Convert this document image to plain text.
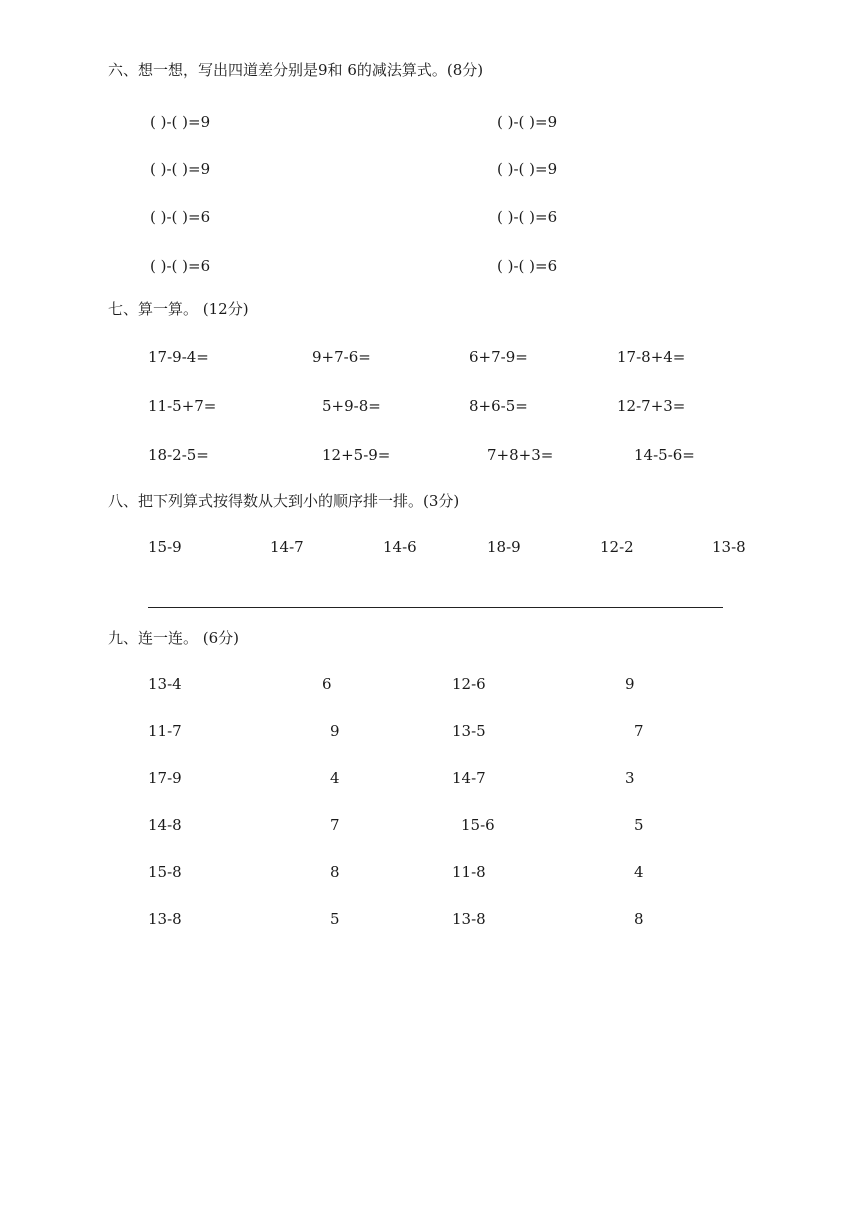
六、想一想，写出四道差分别是9和 6的减法算式。(8分)
( )-( )=9	( )-( )=9
( )-( )=9	( )-( )=9
( )-( )=6	( )-( )=6
( )-( )=6	( )-( )=6
七、算一算。 (12分)
17-9-4=	9+7-6=	6+7-9=	17-8+4=
11-5+7=	5+9-8=	8+6-5=	12-7+3=
18-2-5=	12+5-9=	7+8+3=	14-5-6=
八、把下列算式按得数从大到小的顺序排一排。(3分)
15-9	14-7	14-6	18-9	12-2	13-8
九、连一连。 (6分)
13-4	6	12-6	9
11-7	9	13-5	7
17-9	4	14-7	3
14-8	7	15-6	5
15-8	8	11-8	4
13-8	5	13-8	8
